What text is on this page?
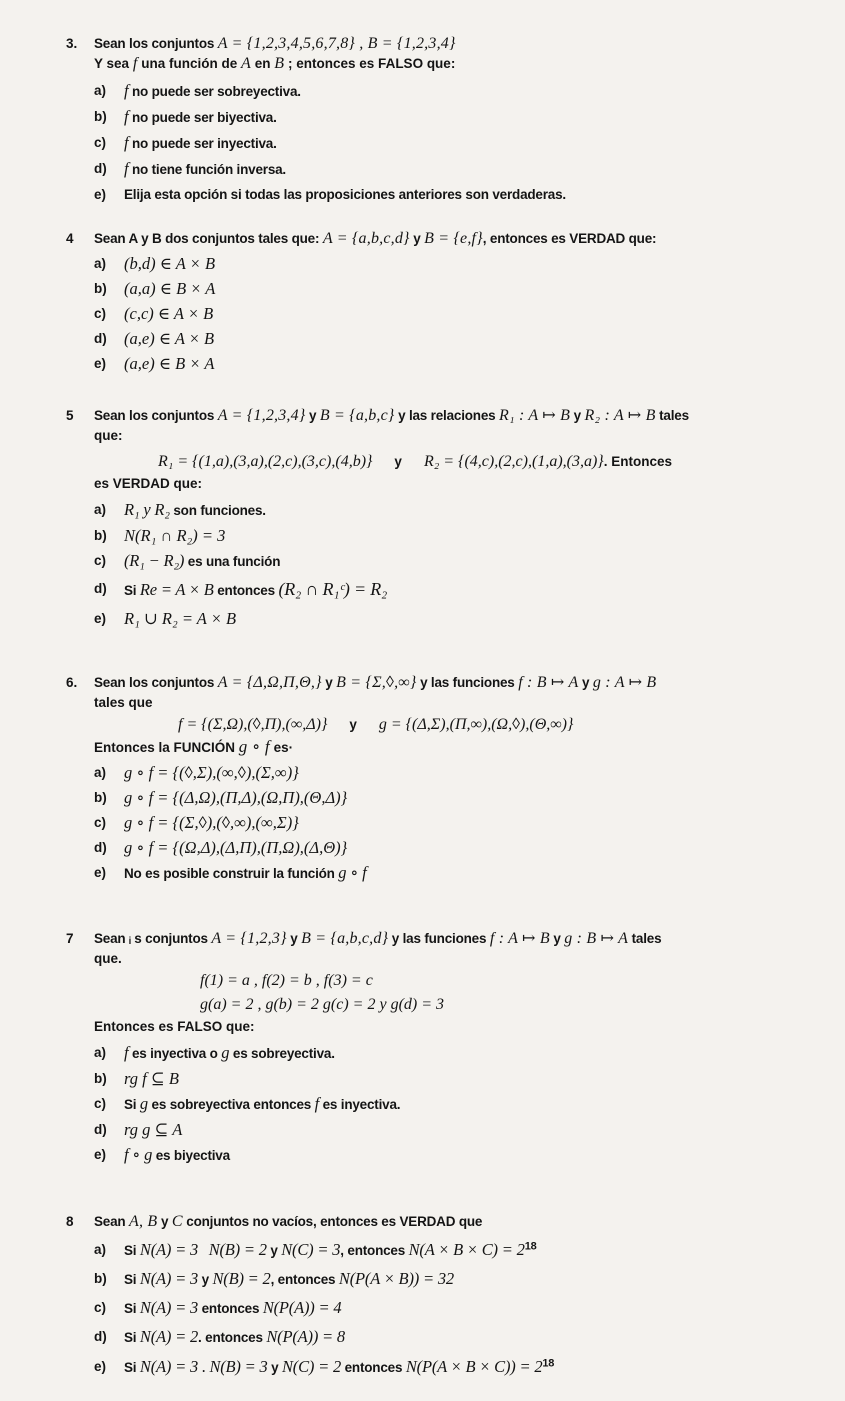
3.	Sean los conjuntos A = {1,2,3,4,5,6,7,8} , B = {1,2,3,4}
Y sea f una función de A en B ; entonces es FALSO que:
a)	f no puede ser sobreyectiva.
b)	f no puede ser biyectiva.
c)	f no puede ser inyectiva.
d)	f no tiene función inversa.
e)	Elija esta opción si todas las proposiciones anteriores son verdaderas.
4	Sean A y B dos conjuntos tales que: A = {a,b,c,d} y B = {e,f}, entonces es VERDAD que:
a)	(b,d) ∈ A × B
b)	(a,a) ∈ B × A
c)	(c,c) ∈ A × B
d)	(a,e) ∈ A × B
e)	(a,e) ∈ B × A
5	Sean los conjuntos A = {1,2,3,4} y B = {a,b,c} y las relaciones R₁ : A ↦ B y R₂ : A ↦ B tales
que:
R₁ = {(1,a),(3,a),(2,c),(3,c),(4,b)} y R₂ = {(4,c),(2,c),(1,a),(3,a)}. Entonces
es VERDAD que:
a)	R₁ y R₂ son funciones.
b)	N(R₁ ∩ R₂) = 3
c)	(R₁ − R₂) es una función
d)	Si Re = A × B entonces (R₂ ∩ R₁ᶜ) = R₂
e)	R₁ ∪ R₂ = A × B
6.	Sean los conjuntos A = {Δ,Ω,Π,Θ,} y B = {Σ,◊,∞} y las funciones f : B ↦ A y g : A ↦ B
tales que
f = {(Σ,Ω),(◊,Π),(∞,Δ)} y g = {(Δ,Σ),(Π,∞),(Ω,◊),(Θ,∞)}
Entonces la FUNCIÓN g ∘ f es·
a)	g ∘ f = {(◊,Σ),(∞,◊),(Σ,∞)}
b)	g ∘ f = {(Δ,Ω),(Π,Δ),(Ω,Π),(Θ,Δ)}
c)	g ∘ f = {(Σ,◊),(◊,∞),(∞,Σ)}
d)	g ∘ f = {(Ω,Δ),(Δ,Π),(Π,Ω),(Δ,Θ)}
e)	No es posible construir la función g ∘ f
7	Sean ᵢ s conjuntos A = {1,2,3} y B = {a,b,c,d} y las funciones f : A ↦ B y g : B ↦ A tales
que.
f(1) = a , f(2) = b , f(3) = c
g(a) = 2 , g(b) = 2 g(c) = 2 y g(d) = 3
Entonces es FALSO que:
a)	f es inyectiva o g es sobreyectiva.
b)	rg f ⊆ B
c)	Si g es sobreyectiva entonces f es inyectiva.
d)	rg g ⊆ A
e)	f ∘ g es biyectiva
8	Sean A, B y C conjuntos no vacíos, entonces es VERDAD que
a)	Si N(A) = 3 N(B) = 2 y N(C) = 3, entonces $N(A \times B \times C) = 2^{18}$
b)	Si N(A) = 3 y N(B) = 2, entonces N(P(A × B)) = 32
c)	Si N(A) = 3 entonces N(P(A)) = 4
d)	Si N(A) = 2. entonces N(P(A)) = 8
e)	Si N(A) = 3 . N(B) = 3 y N(C) = 2 entonces $N(P(A \times B \times C)) = 2^{18}$
